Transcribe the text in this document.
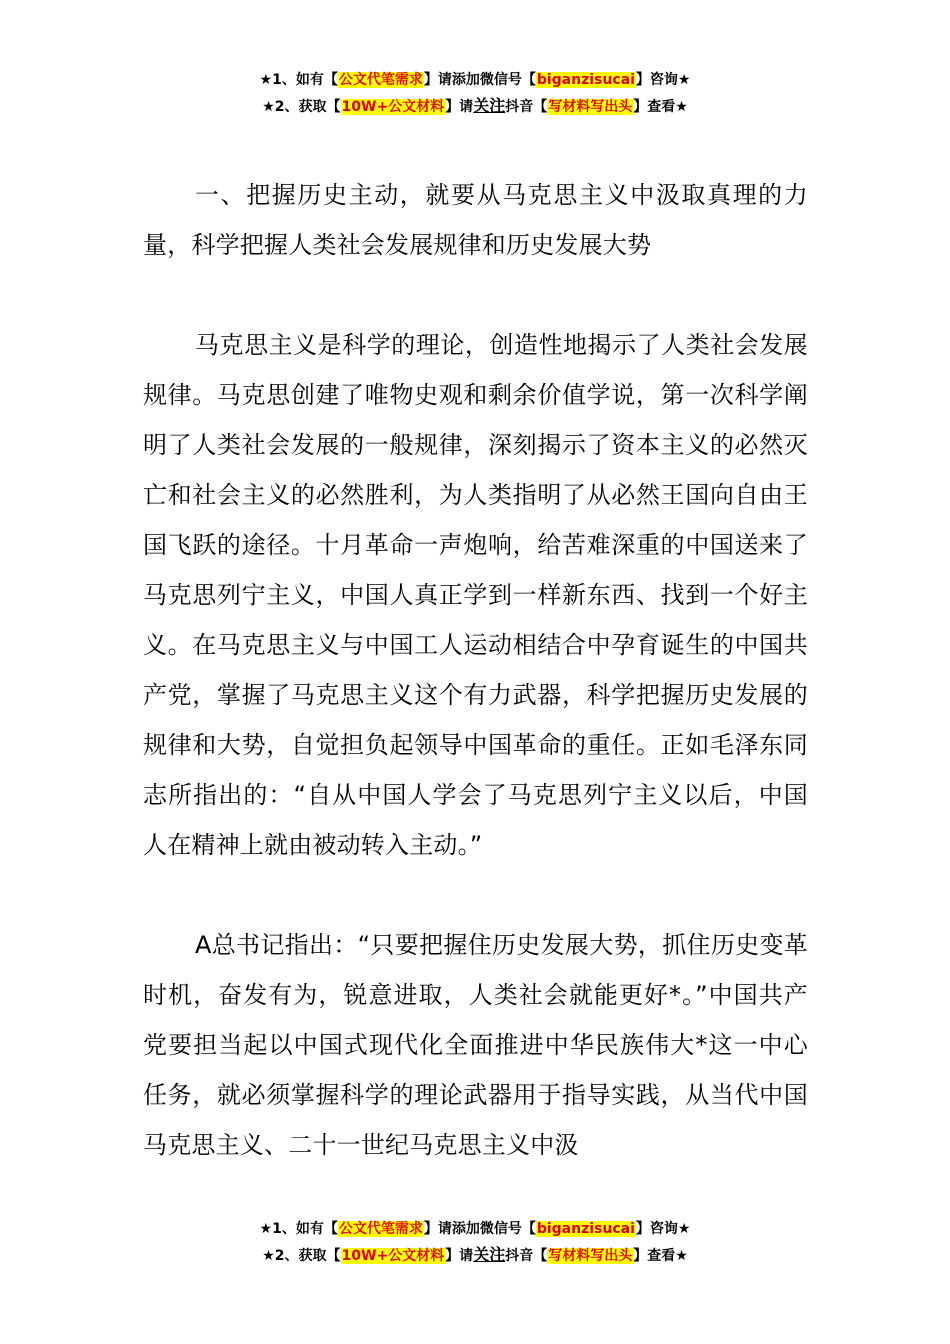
★1、如有【公文代笔需求】请添加微信号【biganzisucai】咨询★
★2、获取【10W+公文材料】请关注抖音【写材料写出头】查看★

一、把握历史主动，就要从马克思主义中汲取真理的力量，科学把握人类社会发展规律和历史发展大势

马克思主义是科学的理论，创造性地揭示了人类社会发展规律。马克思创建了唯物史观和剩余价值学说，第一次科学阐明了人类社会发展的一般规律，深刻揭示了资本主义的必然灭亡和社会主义的必然胜利，为人类指明了从必然王国向自由王国飞跃的途径。十月革命一声炮响，给苦难深重的中国送来了马克思列宁主义，中国人真正学到一样新东西、找到一个好主义。在马克思主义与中国工人运动相结合中孕育诞生的中国共产党，掌握了马克思主义这个有力武器，科学把握历史发展的规律和大势，自觉担负起领导中国革命的重任。正如毛泽东同志所指出的：“自从中国人学会了马克思列宁主义以后，中国人在精神上就由被动转入主动。”

A总书记指出：“只要把握住历史发展大势，抓住历史变革时机，奋发有为，锐意进取，人类社会就能更好*。”中国共产党要担当起以中国式现代化全面推进中华民族伟大*这一中心任务，就必须掌握科学的理论武器用于指导实践，从当代中国马克思主义、二十一世纪马克思主义中汲

★1、如有【公文代笔需求】请添加微信号【biganzisucai】咨询★
★2、获取【10W+公文材料】请关注抖音【写材料写出头】查看★
